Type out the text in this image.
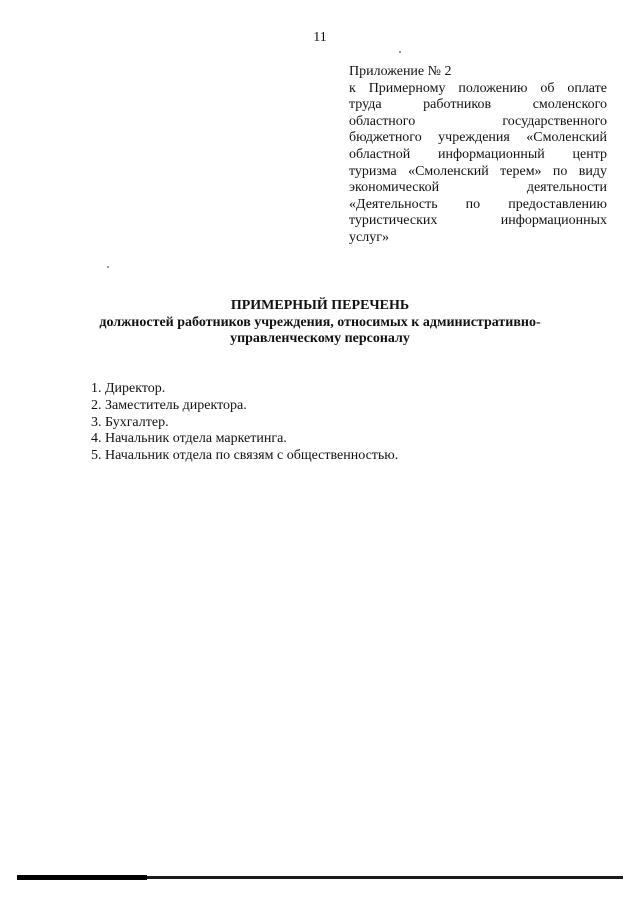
11
Приложение № 2
к Примерному положению об оплате
труда работников смоленского
областного государственного
бюджетного учреждения «Смоленский
областной информационный центр
туризма «Смоленский терем» по виду
экономической деятельности
«Деятельность по предоставлению
туристических информационных
услуг»
ПРИМЕРНЫЙ ПЕРЕЧЕНЬ
должностей работников учреждения, относимых к административно-
управленческому персоналу
1. Директор.
2. Заместитель директора.
3. Бухгалтер.
4. Начальник отдела маркетинга.
5. Начальник отдела по связям с общественностью.
